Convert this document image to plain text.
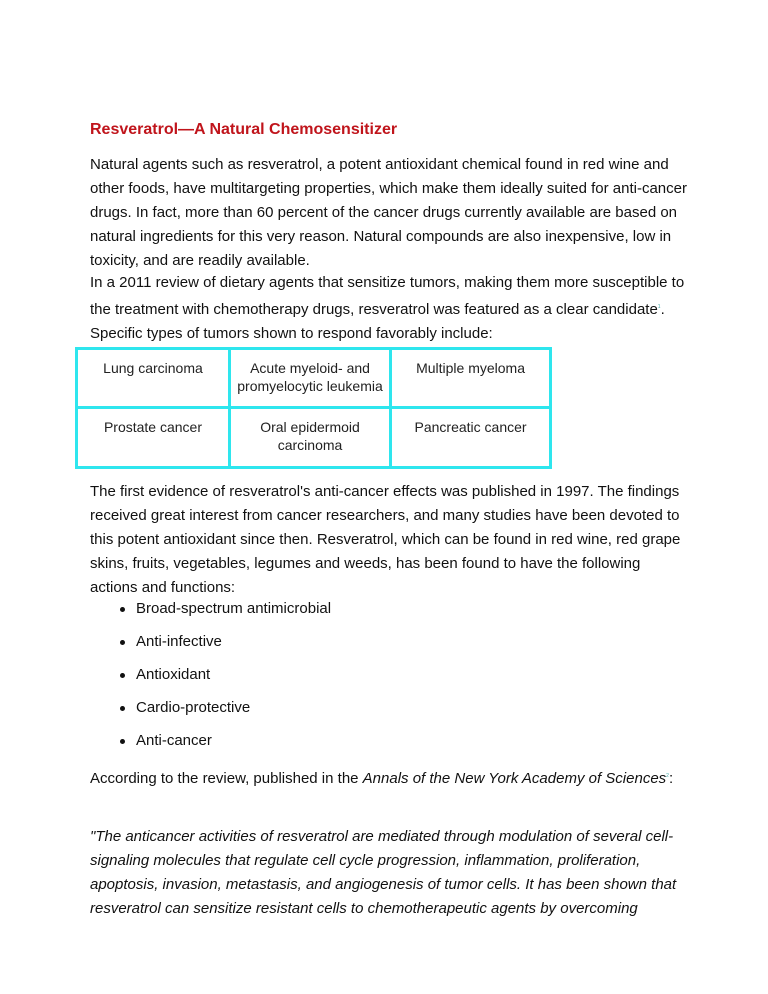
Resveratrol—A Natural Chemosensitizer

Natural agents such as resveratrol, a potent antioxidant chemical found in red wine and other foods, have multitargeting properties, which make them ideally suited for anti-cancer drugs. In fact, more than 60 percent of the cancer drugs currently available are based on natural ingredients for this very reason. Natural compounds are also inexpensive, low in toxicity, and are readily available.

In a 2011 review of dietary agents that sensitize tumors, making them more susceptible to the treatment with chemotherapy drugs, resveratrol was featured as a clear candidate$^1$. Specific types of tumors shown to respond favorably include:

The first evidence of resveratrol's anti-cancer effects was published in 1997. The findings received great interest from cancer researchers, and many studies have been devoted to this potent antioxidant since then. Resveratrol, which can be found in red wine, red grape skins, fruits, vegetables, legumes and weeds, has been found to have the following actions and functions:

According to the review, published in the Annals of the New York Academy of Sciences$^2$:

"The anticancer activities of resveratrol are mediated through modulation of several cell-signaling molecules that regulate cell cycle progression, inflammation, proliferation, apoptosis, invasion, metastasis, and angiogenesis of tumor cells. It has been shown that resveratrol can sensitize resistant cells to chemotherapeutic agents by overcoming

Lung carcinoma	Acute myeloid- and promyelocytic leukemia	Multiple myeloma
Prostate cancer	Oral epidermoid carcinoma	Pancreatic cancer
Broad-spectrum antimicrobial
Anti-infective
Antioxidant
Cardio-protective
Anti-cancer
